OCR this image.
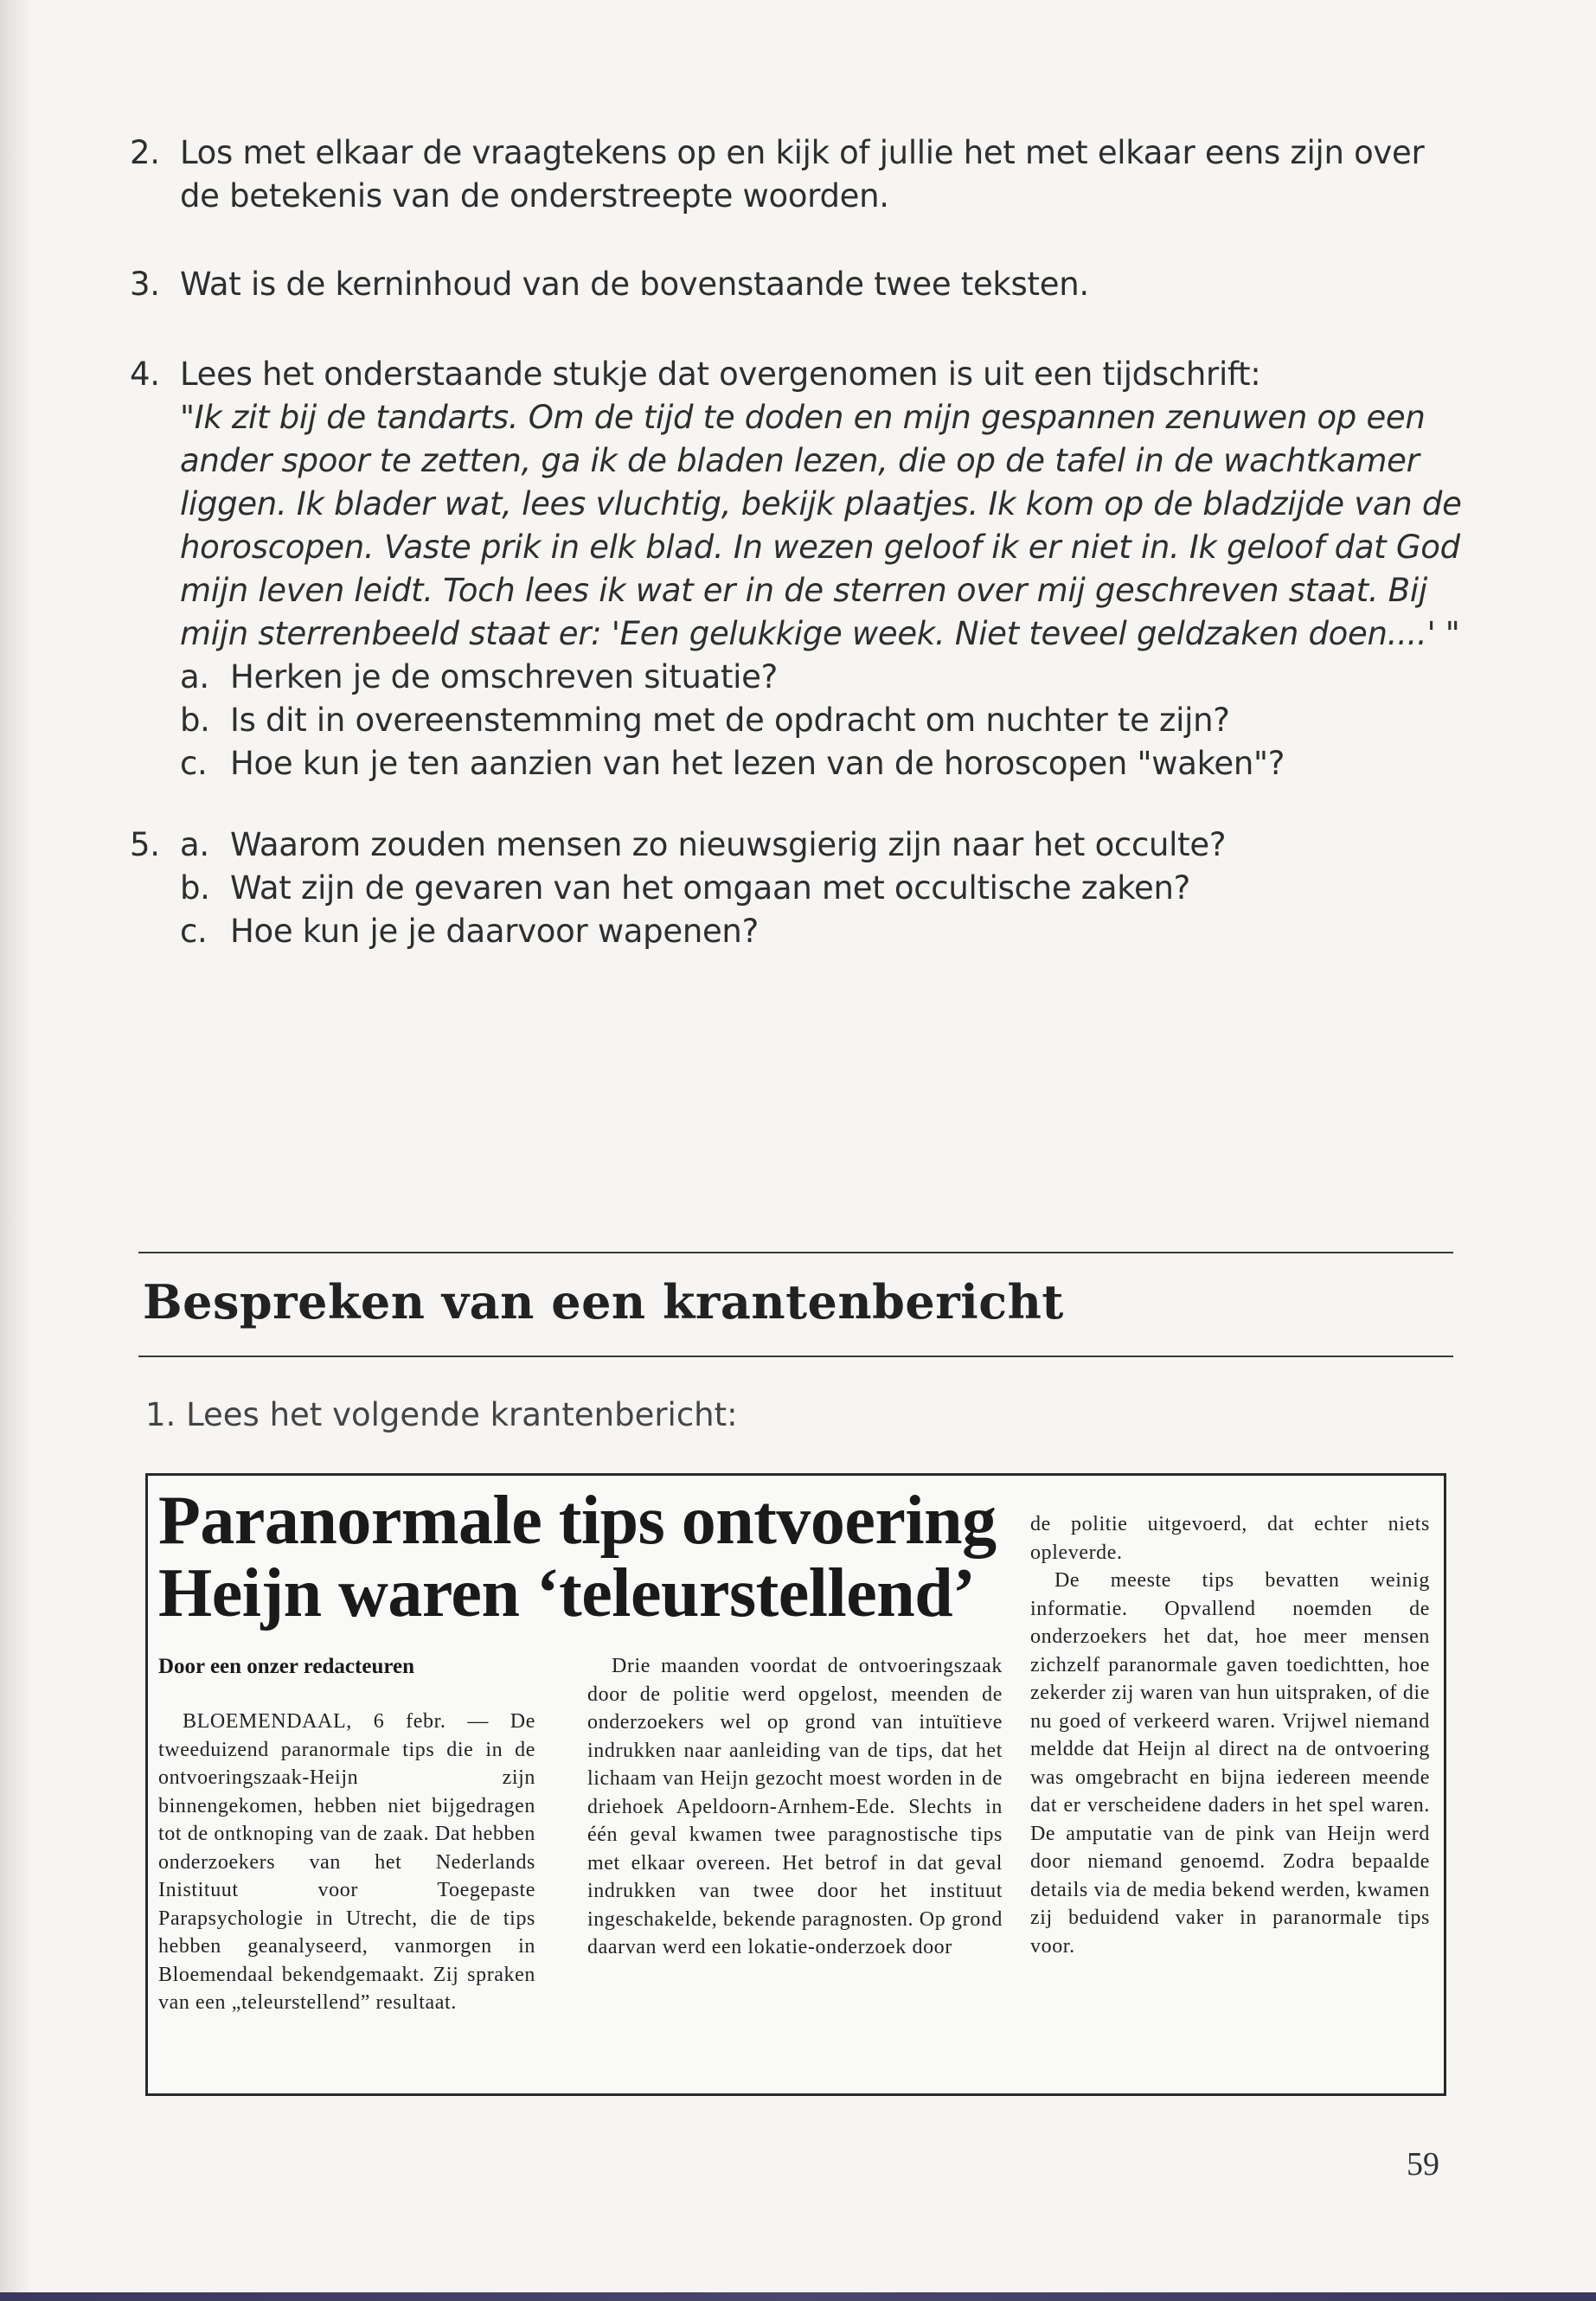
2. Los met elkaar de vraagtekens op en kijk of jullie het met elkaar eens zijn over de betekenis van de onderstreepte woorden.
3. Wat is de kerninhoud van de bovenstaande twee teksten.
4. Lees het onderstaande stukje dat overgenomen is uit een tijdschrift:
"Ik zit bij de tandarts. Om de tijd te doden en mijn gespannen zenuwen op een ander spoor te zetten, ga ik de bladen lezen, die op de tafel in de wachtkamer liggen. Ik blader wat, lees vluchtig, bekijk plaatjes. Ik kom op de bladzijde van de horoscopen. Vaste prik in elk blad. In wezen geloof ik er niet in. Ik geloof dat God mijn leven leidt. Toch lees ik wat er in de sterren over mij geschreven staat. Bij mijn sterrenbeeld staat er: 'Een gelukkige week. Niet teveel geldzaken doen....' "
a. Herken je de omschreven situatie?
b. Is dit in overeenstemming met de opdracht om nuchter te zijn?
c. Hoe kun je ten aanzien van het lezen van de horoscopen "waken"?
5. a. Waarom zouden mensen zo nieuwsgierig zijn naar het occulte?
b. Wat zijn de gevaren van het omgaan met occultische zaken?
c. Hoe kun je je daarvoor wapenen?
Bespreken van een krantenbericht
1. Lees het volgende krantenbericht:
Paranormale tips ontvoering Heijn waren ‘teleurstellend’
Door een onzer redacteuren

BLOEMENDAAL, 6 febr. — De tweeduizend paranormale tips die in de ontvoeringszaak-Heijn zijn binnengekomen, hebben niet bijgedragen tot de ontknoping van de zaak. Dat hebben onderzoekers van het Nederlands Inistituut voor Toegepaste Parapsychologie in Utrecht, die de tips hebben geanalyseerd, vanmorgen in Bloemendaal bekendgemaakt. Zij spraken van een „teleurstellend” resultaat.

Drie maanden voordat de ontvoeringszaak door de politie werd opgelost, meenden de onderzoekers wel op grond van intuïtieve indrukken naar aanleiding van de tips, dat het lichaam van Heijn gezocht moest worden in de driehoek Apeldoorn-Arnhem-Ede. Slechts in één geval kwamen twee paragnostische tips met elkaar overeen. Het betrof in dat geval indrukken van twee door het instituut ingeschakelde, bekende paragnosten. Op grond daarvan werd een lokatie-onderzoek door

de politie uitgevoerd, dat echter niets opleverde.

De meeste tips bevatten weinig informatie. Opvallend noemden de onderzoekers het dat, hoe meer mensen zichzelf paranormale gaven toedichtten, hoe zekerder zij waren van hun uitspraken, of die nu goed of verkeerd waren. Vrijwel niemand meldde dat Heijn al direct na de ontvoering was omgebracht en bijna iedereen meende dat er verscheidene daders in het spel waren. De amputatie van de pink van Heijn werd door niemand genoemd. Zodra bepaalde details via de media bekend werden, kwamen zij beduidend vaker in paranormale tips voor.

59
